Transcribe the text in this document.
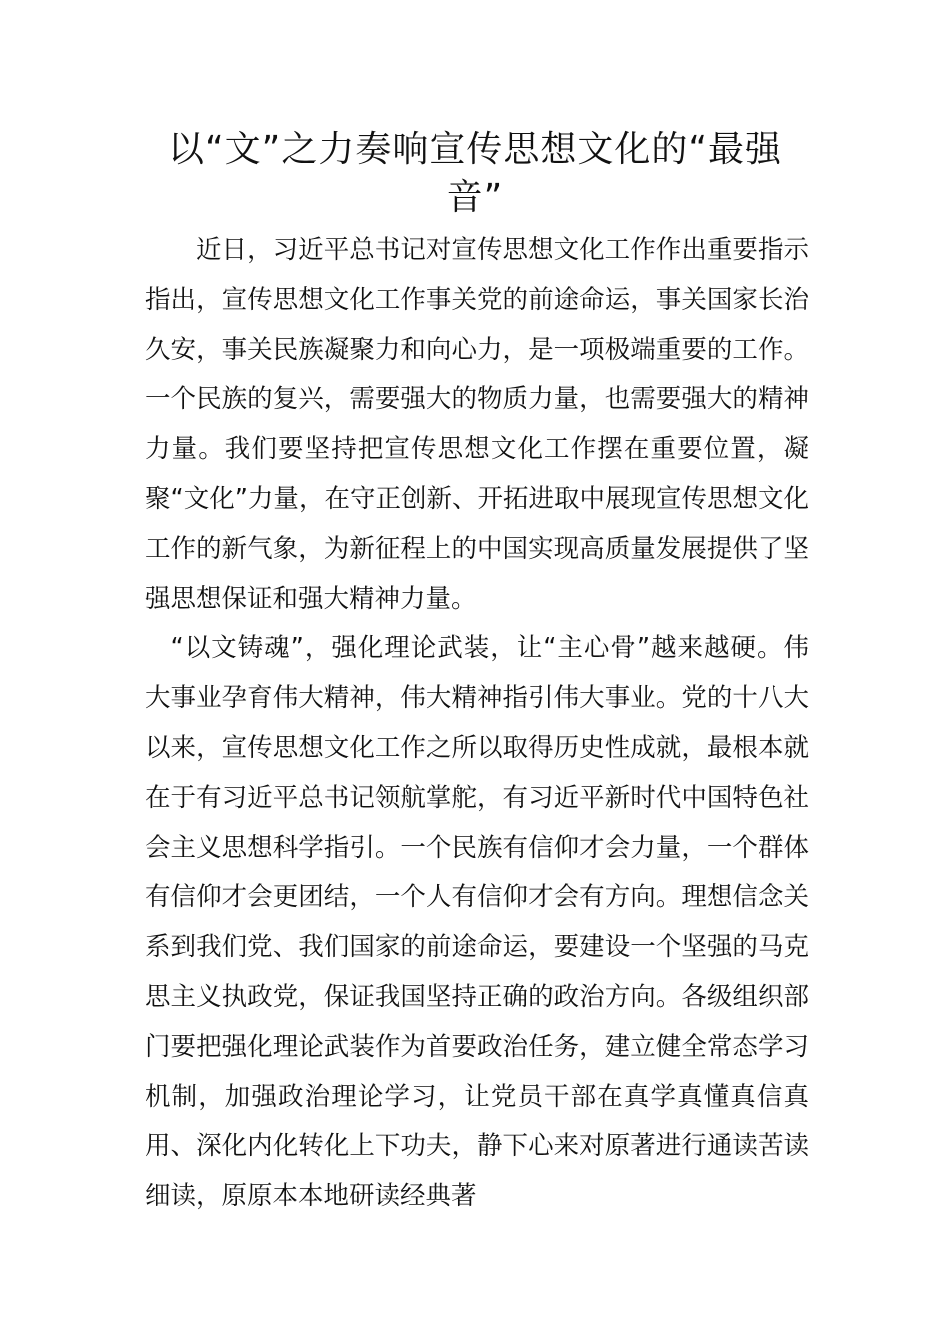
以“文”之力奏响宣传思想文化的“最强音”

近日，习近平总书记对宣传思想文化工作作出重要指示指出，宣传思想文化工作事关党的前途命运，事关国家长治久安，事关民族凝聚力和向心力，是一项极端重要的工作。一个民族的复兴，需要强大的物质力量，也需要强大的精神力量。我们要坚持把宣传思想文化工作摆在重要位置，凝聚“文化”力量，在守正创新、开拓进取中展现宣传思想文化工作的新气象，为新征程上的中国实现高质量发展提供了坚强思想保证和强大精神力量。

“以文铸魂”，强化理论武装，让“主心骨”越来越硬。伟大事业孕育伟大精神，伟大精神指引伟大事业。党的十八大以来，宣传思想文化工作之所以取得历史性成就，最根本就在于有习近平总书记领航掌舵，有习近平新时代中国特色社会主义思想科学指引。一个民族有信仰才会力量，一个群体有信仰才会更团结，一个人有信仰才会有方向。理想信念关系到我们党、我们国家的前途命运，要建设一个坚强的马克思主义执政党，保证我国坚持正确的政治方向。各级组织部门要把强化理论武装作为首要政治任务，建立健全常态学习机制，加强政治理论学习，让党员干部在真学真懂真信真用、深化内化转化上下功夫，静下心来对原著进行通读苦读细读，原原本本地研读经典著
